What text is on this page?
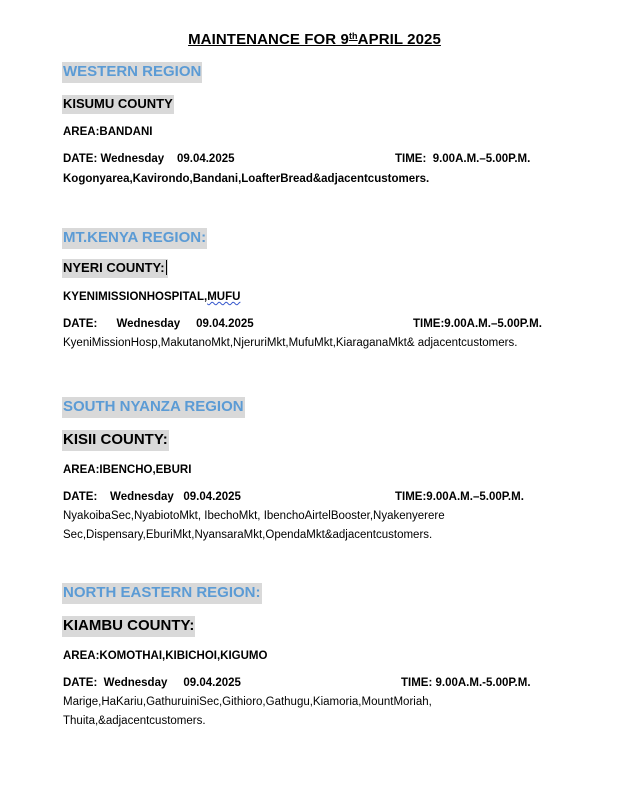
MAINTENANCE FOR 9thAPRIL 2025
WESTERN REGION
KISUMU COUNTY
AREA:BANDANI
DATE: Wednesday    09.04.2025	TIME:  9.00A.M.–5.00P.M.
Kogonyarea,Kavirondo,Bandani,LoafterBread&adjacentcustomers.
MT.KENYA REGION:
NYERI COUNTY:
KYENIMISSIONHOSPITAL,MUFU
DATE:      Wednesday     09.04.2025	TIME:9.00A.M.–5.00P.M.
KyeniMissionHosp,MakutanoMkt,NjeruriMkt,MufuMkt,KiaraganaMkt& adjacentcustomers.
SOUTH NYANZA REGION
KISII COUNTY:
AREA:IBENCHO,EBURI
DATE:    Wednesday   09.04.2025	TIME:9.00A.M.–5.00P.M.
NyakoibaSec,NyabiotoMkt, IbechoMkt, IbenchoAirtelBooster,Nyakenyerere
Sec,Dispensary,EburiMkt,NyansaraMkt,OpendaMkt&adjacentcustomers.
NORTH EASTERN REGION:
KIAMBU COUNTY:
AREA:KOMOTHAI,KIBICHOI,KIGUMO
DATE:  Wednesday     09.04.2025	TIME: 9.00A.M.-5.00P.M.
Marige,HaKariu,GathuruiniSec,Githioro,Gathugu,Kiamoria,MountMoriah,
Thuita,&adjacentcustomers.
